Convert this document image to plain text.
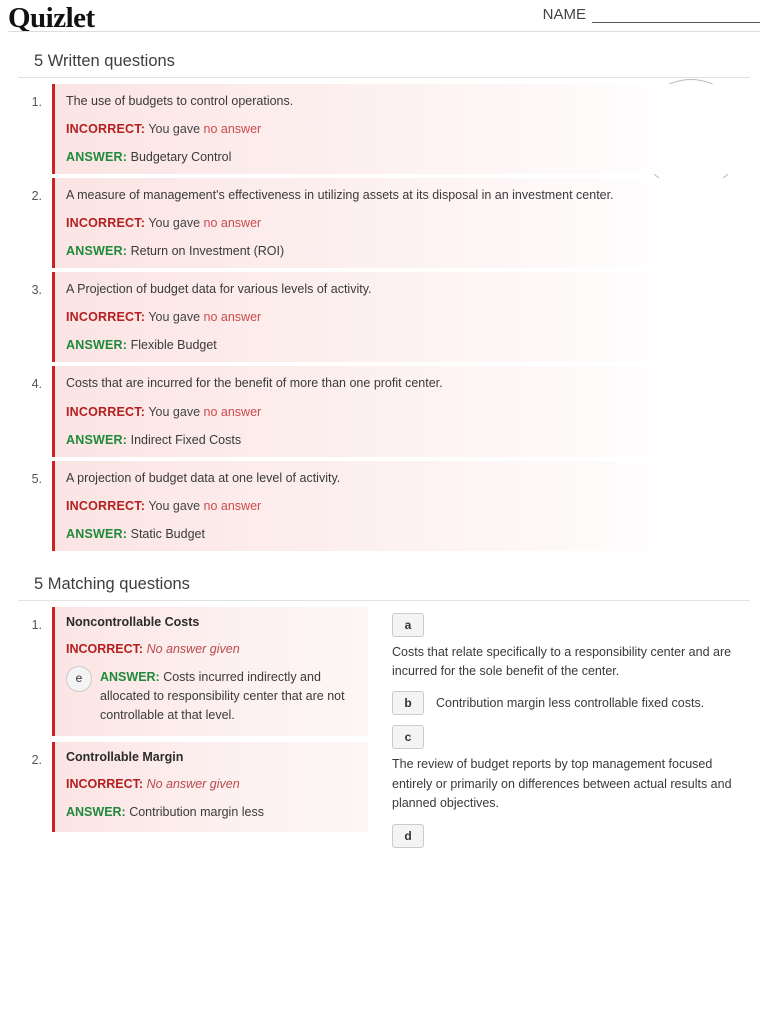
Quizlet	NAME
5 Written questions
1.	The use of budgets to control operations.
INCORRECT: You gave no answer
ANSWER: Budgetary Control
2.	A measure of management's effectiveness in utilizing assets at its disposal in an investment center.
INCORRECT: You gave no answer
ANSWER: Return on Investment (ROI)
3.	A Projection of budget data for various levels of activity.
INCORRECT: You gave no answer
ANSWER: Flexible Budget
4.	Costs that are incurred for the benefit of more than one profit center.
INCORRECT: You gave no answer
ANSWER: Indirect Fixed Costs
5.	A projection of budget data at one level of activity.
INCORRECT: You gave no answer
ANSWER: Static Budget
5 Matching questions
1.	Noncontrollable Costs
INCORRECT: No answer given
e	ANSWER: Costs incurred indirectly and allocated to responsibility center that are not controllable at that level.
2.	Controllable Margin
INCORRECT: No answer given
ANSWER: Contribution margin less
a
Costs that relate specifically to a responsibility center and are incurred for the sole benefit of the center.
b	Contribution margin less controllable fixed costs.
c
The review of budget reports by top management focused entirely or primarily on differences between actual results and planned objectives.
d
